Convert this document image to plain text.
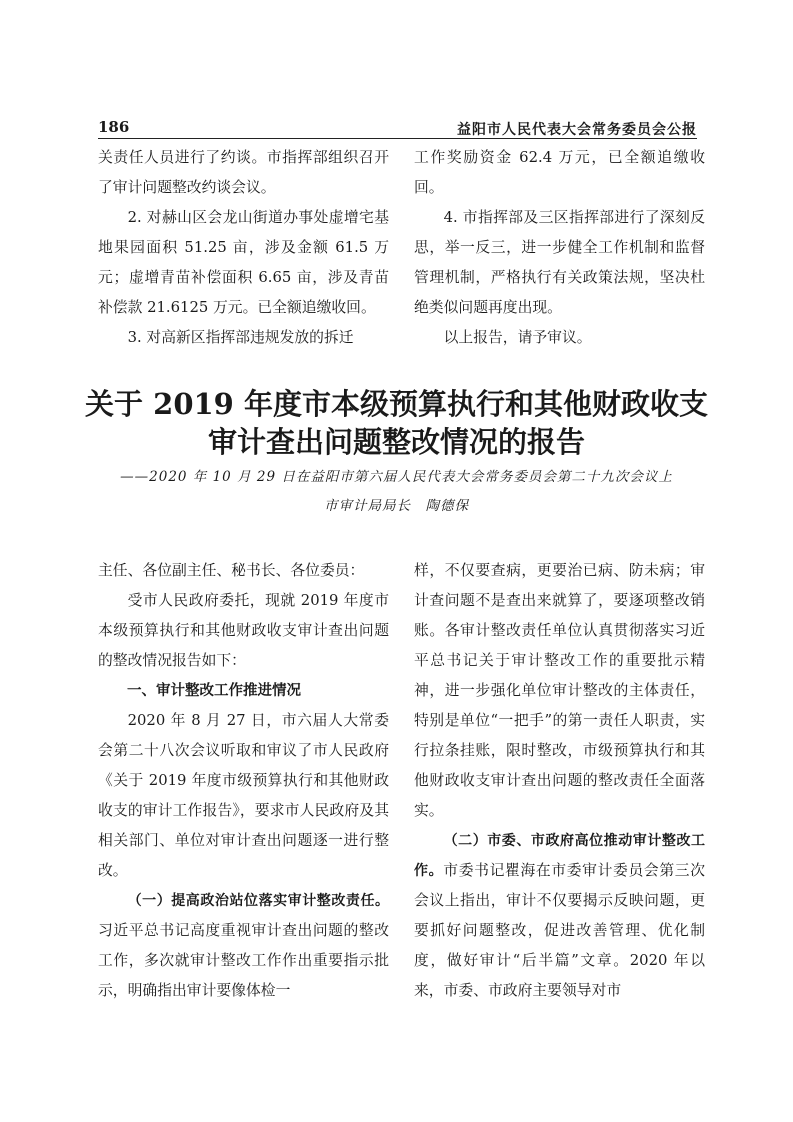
186	益阳市人民代表大会常务委员会公报

关责任人员进行了约谈。市指挥部组织召开了审计问题整改约谈会议。

2. 对赫山区会龙山街道办事处虚增宅基地果园面积 51.25 亩，涉及金额 61.5 万元；虚增青苗补偿面积 6.65 亩，涉及青苗补偿款 21.6125 万元。已全额追缴收回。

3. 对高新区指挥部违规发放的拆迁

工作奖励资金 62.4 万元，已全额追缴收回。

4. 市指挥部及三区指挥部进行了深刻反思，举一反三，进一步健全工作机制和监督管理机制，严格执行有关政策法规，坚决杜绝类似问题再度出现。

以上报告，请予审议。

关于 2019 年度市本级预算执行和其他财政收支
审计查出问题整改情况的报告
——2020 年 10 月 29 日在益阳市第六届人民代表大会常务委员会第二十九次会议上
市审计局局长　陶德保

主任、各位副主任、秘书长、各位委员：

受市人民政府委托，现就 2019 年度市本级预算执行和其他财政收支审计查出问题的整改情况报告如下：

一、审计整改工作推进情况

2020 年 8 月 27 日，市六届人大常委会第二十八次会议听取和审议了市人民政府《关于 2019 年度市级预算执行和其他财政收支的审计工作报告》，要求市人民政府及其相关部门、单位对审计查出问题逐一进行整改。

（一）提高政治站位落实审计整改责任。习近平总书记高度重视审计查出问题的整改工作，多次就审计整改工作作出重要指示批示，明确指出审计要像体检一

样，不仅要查病，更要治已病、防未病；审计查问题不是查出来就算了，要逐项整改销账。各审计整改责任单位认真贯彻落实习近平总书记关于审计整改工作的重要批示精神，进一步强化单位审计整改的主体责任，特别是单位“一把手”的第一责任人职责，实行拉条挂账，限时整改，市级预算执行和其他财政收支审计查出问题的整改责任全面落实。

（二）市委、市政府高位推动审计整改工作。市委书记瞿海在市委审计委员会第三次会议上指出，审计不仅要揭示反映问题，更要抓好问题整改，促进改善管理、优化制度，做好审计“后半篇”文章。2020 年以来，市委、市政府主要领导对市
